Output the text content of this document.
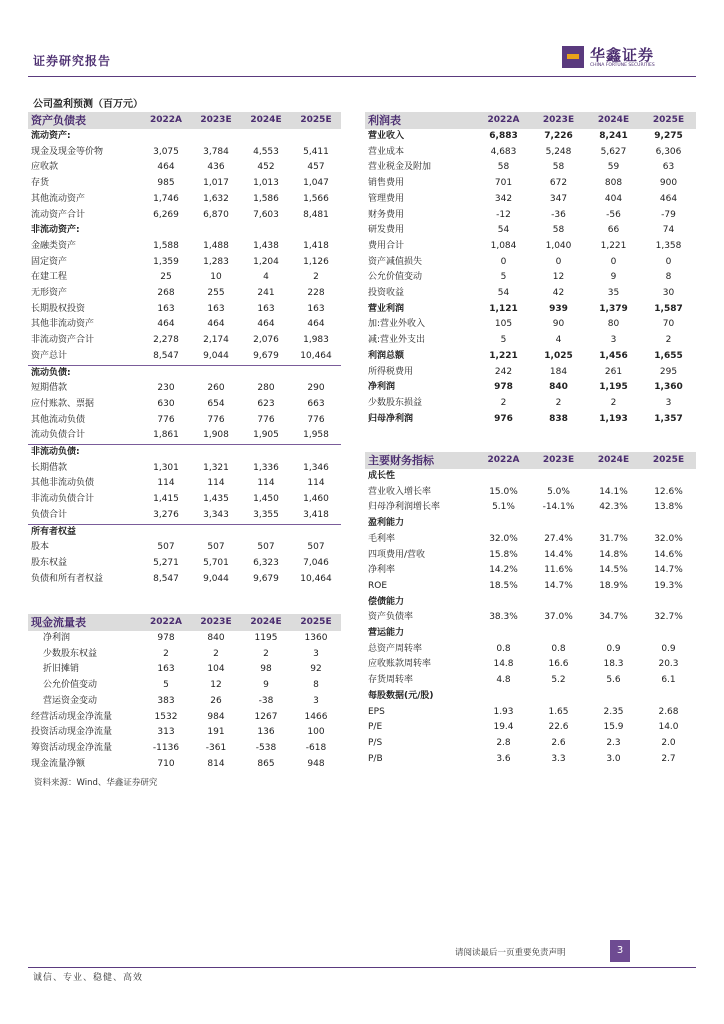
证券研究报告	华鑫证券
CHINA FORTUNE SECURITIES
公司盈利预测（百万元）
资产负债表	2022A	2023E	2024E	2025E
流动资产:				
现金及现金等价物	3,075	3,784	4,553	5,411
应收款	464	436	452	457
存货	985	1,017	1,013	1,047
其他流动资产	1,746	1,632	1,586	1,566
流动资产合计	6,269	6,870	7,603	8,481
非流动资产:				
金融类资产	1,588	1,488	1,438	1,418
固定资产	1,359	1,283	1,204	1,126
在建工程	25	10	4	2
无形资产	268	255	241	228
长期股权投资	163	163	163	163
其他非流动资产	464	464	464	464
非流动资产合计	2,278	2,174	2,076	1,983
资产总计	8,547	9,044	9,679	10,464
流动负债:				
短期借款	230	260	280	290
应付账款、票据	630	654	623	663
其他流动负债	776	776	776	776
流动负债合计	1,861	1,908	1,905	1,958
非流动负债:				
长期借款	1,301	1,321	1,336	1,346
其他非流动负债	114	114	114	114
非流动负债合计	1,415	1,435	1,450	1,460
负债合计	3,276	3,343	3,355	3,418
所有者权益				
股本	507	507	507	507
股东权益	5,271	5,701	6,323	7,046
负债和所有者权益	8,547	9,044	9,679	10,464
现金流量表	2022A	2023E	2024E	2025E
净利润	978	840	1195	1360
少数股东权益	2	2	2	3
折旧摊销	163	104	98	92
公允价值变动	5	12	9	8
营运资金变动	383	26	-38	3
经营活动现金净流量	1532	984	1267	1466
投资活动现金净流量	313	191	136	100
筹资活动现金净流量	-1136	-361	-538	-618
现金流量净额	710	814	865	948
利润表	2022A	2023E	2024E	2025E
营业收入	6,883	7,226	8,241	9,275
营业成本	4,683	5,248	5,627	6,306
营业税金及附加	58	58	59	63
销售费用	701	672	808	900
管理费用	342	347	404	464
财务费用	-12	-36	-56	-79
研发费用	54	58	66	74
费用合计	1,084	1,040	1,221	1,358
资产减值损失	0	0	0	0
公允价值变动	5	12	9	8
投资收益	54	42	35	30
营业利润	1,121	939	1,379	1,587
加:营业外收入	105	90	80	70
减:营业外支出	5	4	3	2
利润总额	1,221	1,025	1,456	1,655
所得税费用	242	184	261	295
净利润	978	840	1,195	1,360
少数股东损益	2	2	2	3
归母净利润	976	838	1,193	1,357
主要财务指标	2022A	2023E	2024E	2025E
成长性				
营业收入增长率	15.0%	5.0%	14.1%	12.6%
归母净利润增长率	5.1%	-14.1%	42.3%	13.8%
盈利能力				
毛利率	32.0%	27.4%	31.7%	32.0%
四项费用/营收	15.8%	14.4%	14.8%	14.6%
净利率	14.2%	11.6%	14.5%	14.7%
ROE	18.5%	14.7%	18.9%	19.3%
偿债能力				
资产负债率	38.3%	37.0%	34.7%	32.7%
营运能力				
总资产周转率	0.8	0.8	0.9	0.9
应收账款周转率	14.8	16.6	18.3	20.3
存货周转率	4.8	5.2	5.6	6.1
每股数据(元/股)				
EPS	1.93	1.65	2.35	2.68
P/E	19.4	22.6	15.9	14.0
P/S	2.8	2.6	2.3	2.0
P/B	3.6	3.3	3.0	2.7
资料来源：Wind、华鑫证券研究
请阅读最后一页重要免责声明	3
诚信、专业、稳健、高效
